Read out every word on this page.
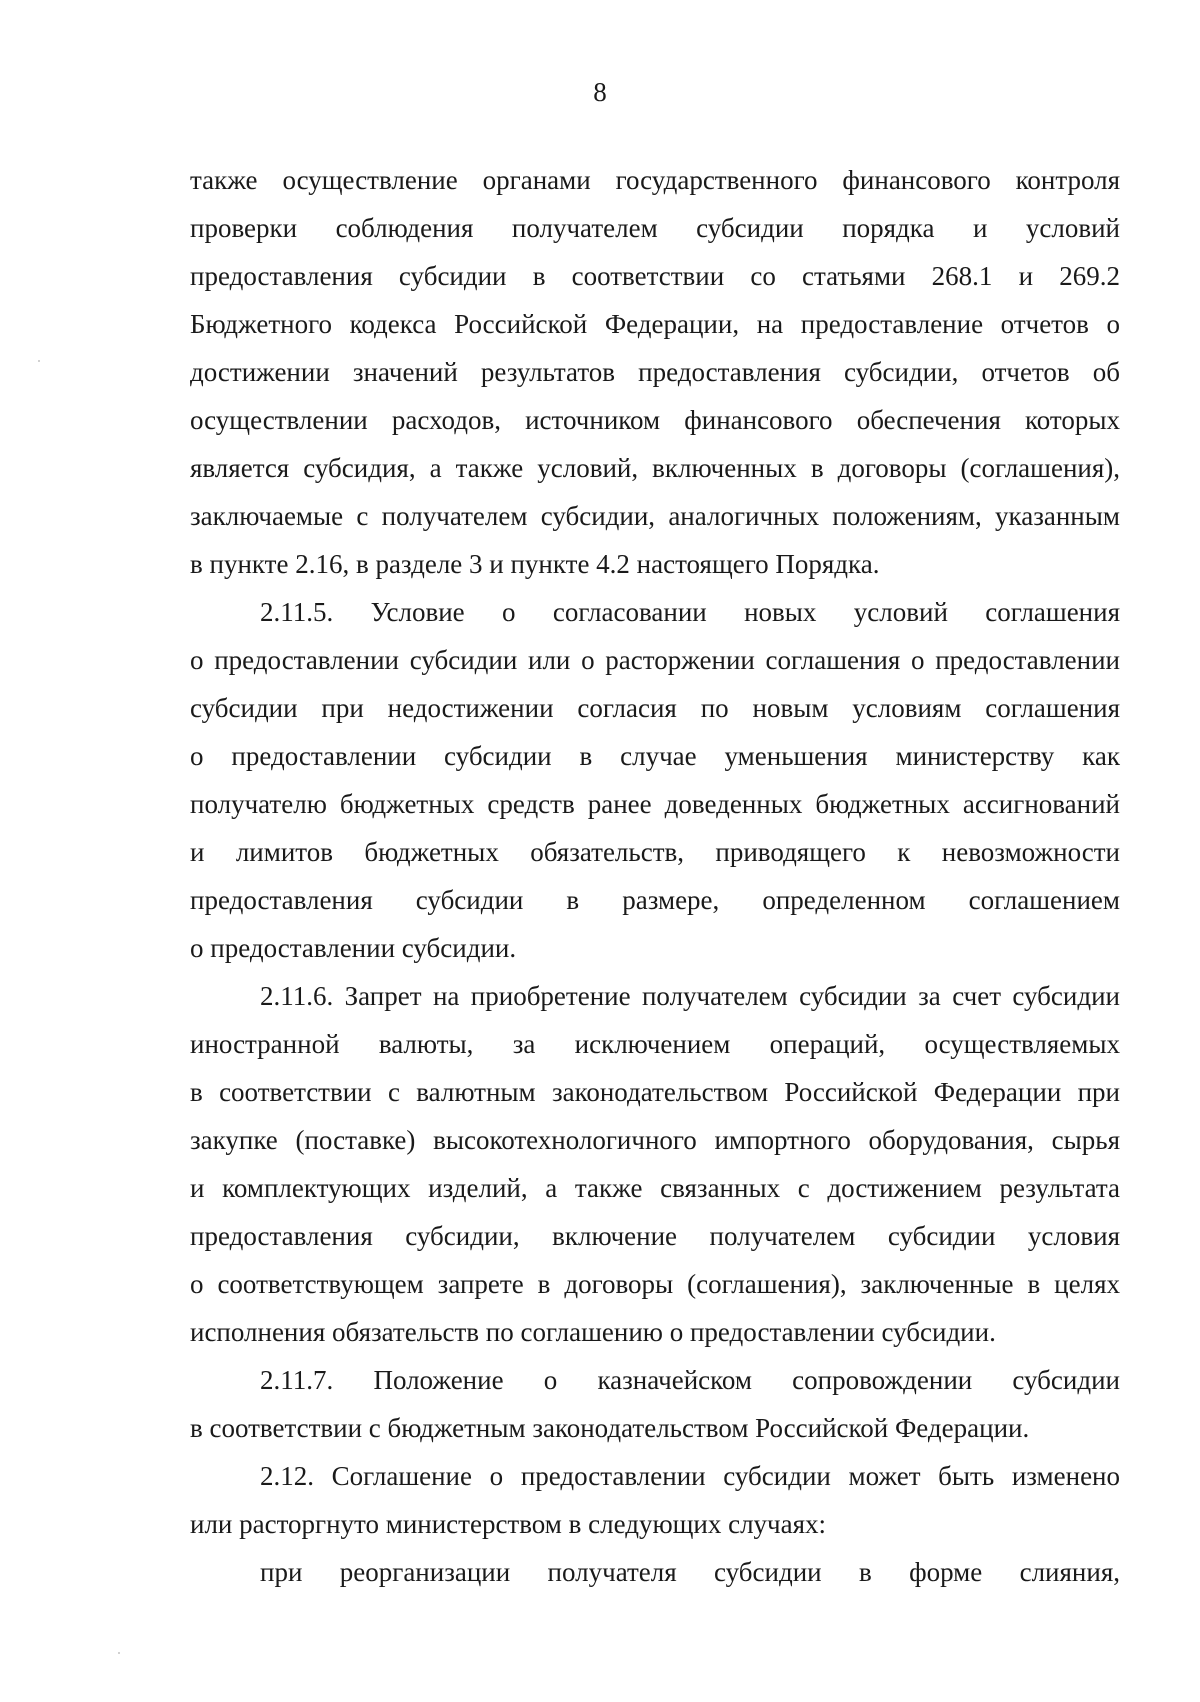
8
также осуществление органами государственного финансового контроля
проверки соблюдения получателем субсидии порядка и условий
предоставления субсидии в соответствии со статьями 268.1 и 269.2
Бюджетного кодекса Российской Федерации, на предоставление отчетов о
достижении значений результатов предоставления субсидии, отчетов об
осуществлении расходов, источником финансового обеспечения которых
является субсидия, а также условий, включенных в договоры (соглашения),
заключаемые с получателем субсидии, аналогичных положениям, указанным
в пункте 2.16, в разделе 3 и пункте 4.2 настоящего Порядка.
2.11.5. Условие о согласовании новых условий соглашения
о предоставлении субсидии или о расторжении соглашения о предоставлении
субсидии при недостижении согласия по новым условиям соглашения
о предоставлении субсидии в случае уменьшения министерству как
получателю бюджетных средств ранее доведенных бюджетных ассигнований
и лимитов бюджетных обязательств, приводящего к невозможности
предоставления субсидии в размере, определенном соглашением
о предоставлении субсидии.
2.11.6. Запрет на приобретение получателем субсидии за счет субсидии
иностранной валюты, за исключением операций, осуществляемых
в соответствии с валютным законодательством Российской Федерации при
закупке (поставке) высокотехнологичного импортного оборудования, сырья
и комплектующих изделий, а также связанных с достижением результата
предоставления субсидии, включение получателем субсидии условия
о соответствующем запрете в договоры (соглашения), заключенные в целях
исполнения обязательств по соглашению о предоставлении субсидии.
2.11.7. Положение о казначейском сопровождении субсидии
в соответствии с бюджетным законодательством Российской Федерации.
2.12. Соглашение о предоставлении субсидии может быть изменено
или расторгнуто министерством в следующих случаях:
при реорганизации получателя субсидии в форме слияния,
